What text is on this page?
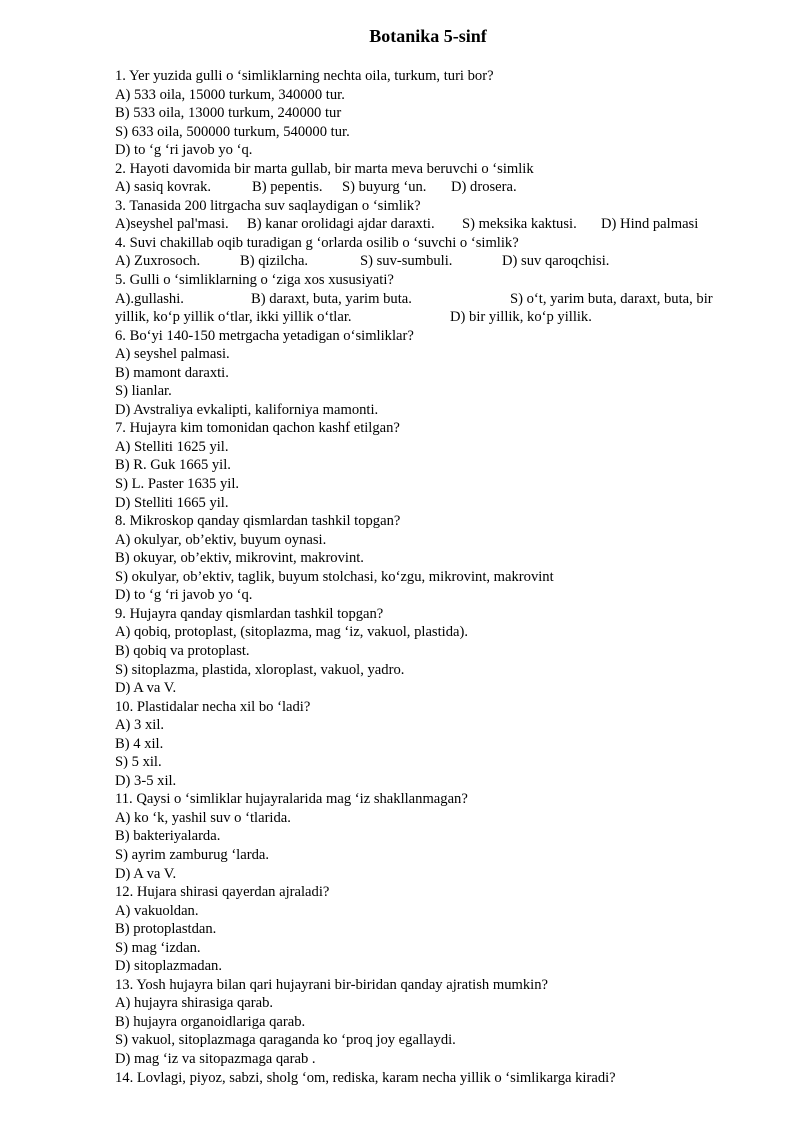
Botanika 5-sinf
1. Yer yuzida gulli o ‘simliklarning nechta oila, turkum, turi bor?
A) 533 oila, 15000 turkum, 340000 tur.
B) 533 oila, 13000 turkum, 240000 tur
S) 633 oila, 500000 turkum, 540000 tur.
D) to ‘g ‘ri javob yo ‘q.
2. Hayoti davomida bir marta gullab, bir marta meva beruvchi o ‘simlik
A) sasiq kovrak.	B) pepentis.	S) buyurg ‘un.	D) drosera.
3. Tanasida 200 litrgacha suv saqlaydigan o ‘simlik?
A)seyshel pal'masi.	B) kanar orolidagi ajdar daraxti.	S) meksika kaktusi.	D) Hind palmasi
4. Suvi chakillab oqib turadigan g ‘orlarda osilib o ‘suvchi o ‘simlik?
A) Zuxrosoch.	B) qizilcha.	S) suv-sumbuli.	D) suv qaroqchisi.
5. Gulli o ‘simliklarning o ‘ziga xos xususiyati?
A).gullashi.	B) daraxt, buta, yarim buta.	S) o‘t, yarim buta, daraxt, buta, bir
yillik, ko‘p yillik o‘tlar, ikki yillik o‘tlar.	D) bir yillik, ko‘p yillik.
6. Bo‘yi 140-150 metrgacha yetadigan o‘simliklar?
A) seyshel palmasi.
B) mamont daraxti.
S) lianlar.
D) Avstraliya evkalipti, kaliforniya mamonti.
7. Hujayra kim tomonidan qachon kashf etilgan?
A) Stelliti 1625 yil.
B) R. Guk 1665 yil.
S) L. Paster 1635 yil.
D) Stelliti 1665 yil.
8. Mikroskop qanday qismlardan tashkil topgan?
A) okulyar, ob’ektiv, buyum oynasi.
B) okuyar, ob’ektiv, mikrovint, makrovint.
S) okulyar, ob’ektiv, taglik, buyum stolchasi, ko‘zgu, mikrovint, makrovint
D) to ‘g ‘ri javob yo ‘q.
9. Hujayra qanday qismlardan tashkil topgan?
A) qobiq, protoplast, (sitoplazma, mag ‘iz, vakuol, plastida).
B) qobiq va protoplast.
S) sitoplazma, plastida, xloroplast, vakuol, yadro.
D) A va V.
10. Plastidalar necha xil bo ‘ladi?
A) 3 xil.
B) 4 xil.
S) 5 xil.
D) 3-5 xil.
11. Qaysi o ‘simliklar hujayralarida mag ‘iz shakllanmagan?
A) ko ‘k, yashil suv o ‘tlarida.
B) bakteriyalarda.
S) ayrim zamburug ‘larda.
D) A va V.
12. Hujara shirasi qayerdan ajraladi?
A) vakuoldan.
B) protoplastdan.
S) mag ‘izdan.
D) sitoplazmadan.
13. Yosh hujayra bilan qari hujayrani bir-biridan qanday ajratish mumkin?
A) hujayra shirasiga qarab.
B) hujayra organoidlariga qarab.
S) vakuol, sitoplazmaga qaraganda ko ‘proq joy egallaydi.
D) mag ‘iz va sitopazmaga qarab .
14. Lovlagi, piyoz, sabzi, sholg ‘om, rediska, karam necha yillik o ‘simlikarga kiradi?
